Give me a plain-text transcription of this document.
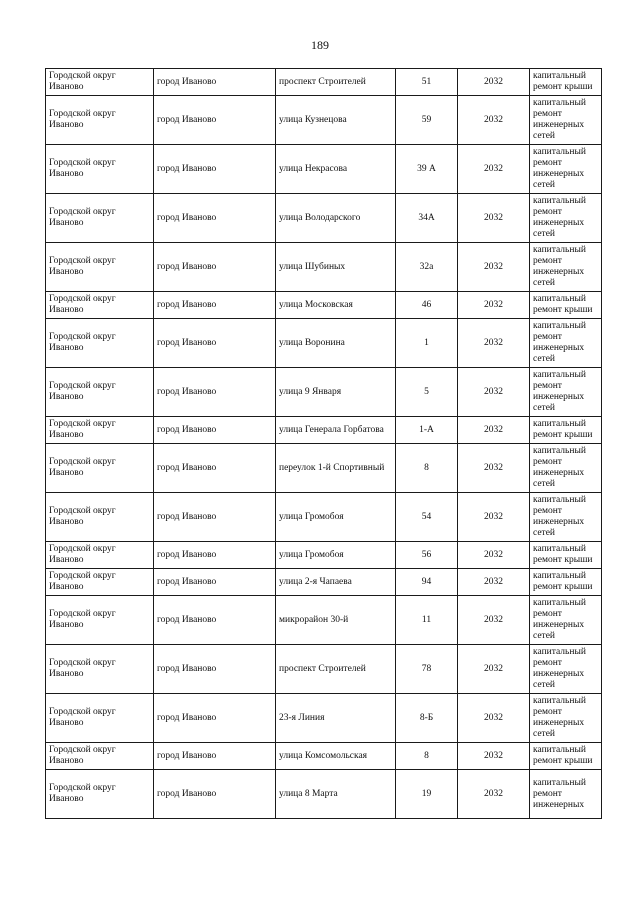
189
Городской округ Иваново	город Иваново	проспект Строителей	51	2032	капитальный ремонт крыши
Городской округ Иваново	город Иваново	улица Кузнецова	59	2032	капитальный ремонт инженерных сетей
Городской округ Иваново	город Иваново	улица Некрасова	39 А	2032	капитальный ремонт инженерных сетей
Городской округ Иваново	город Иваново	улица Володарского	34А	2032	капитальный ремонт инженерных сетей
Городской округ Иваново	город Иваново	улица Шубиных	32а	2032	капитальный ремонт инженерных сетей
Городской округ Иваново	город Иваново	улица Московская	46	2032	капитальный ремонт крыши
Городской округ Иваново	город Иваново	улица Воронина	1	2032	капитальный ремонт инженерных сетей
Городской округ Иваново	город Иваново	улица 9 Января	5	2032	капитальный ремонт инженерных сетей
Городской округ Иваново	город Иваново	улица Генерала Горбатова	1-А	2032	капитальный ремонт крыши
Городской округ Иваново	город Иваново	переулок 1-й Спортивный	8	2032	капитальный ремонт инженерных сетей
Городской округ Иваново	город Иваново	улица Громобоя	54	2032	капитальный ремонт инженерных сетей
Городской округ Иваново	город Иваново	улица Громобоя	56	2032	капитальный ремонт крыши
Городской округ Иваново	город Иваново	улица 2-я Чапаева	94	2032	капитальный ремонт крыши
Городской округ Иваново	город Иваново	микрорайон 30-й	11	2032	капитальный ремонт инженерных сетей
Городской округ Иваново	город Иваново	проспект Строителей	78	2032	капитальный ремонт инженерных сетей
Городской округ Иваново	город Иваново	23-я Линия	8-Б	2032	капитальный ремонт инженерных сетей
Городской округ Иваново	город Иваново	улица Комсомольская	8	2032	капитальный ремонт крыши
Городской округ Иваново	город Иваново	улица 8 Марта	19	2032	капитальный ремонт инженерных
